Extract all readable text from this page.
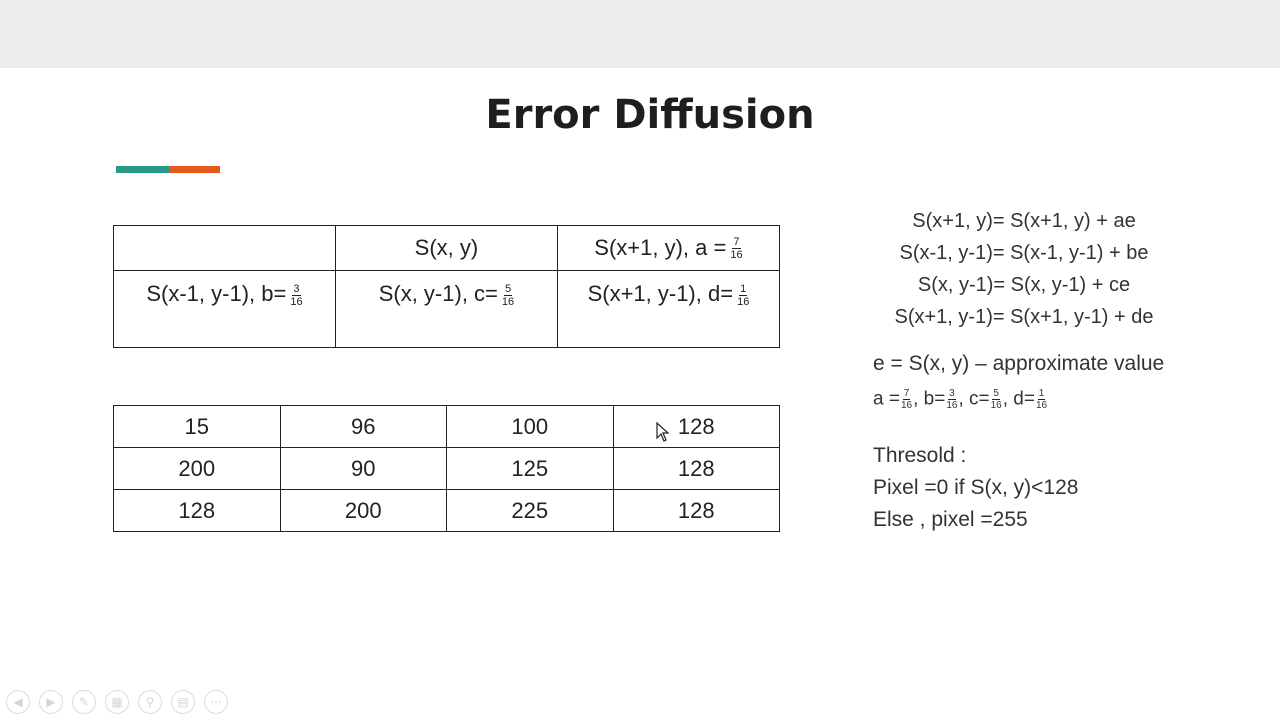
Error Diffusion
	S(x, y)	S(x+1, y), $a = \frac{7}{16}$

S(x-1, y-1), $b= \frac{3}{16}$	S(x, y-1), $c= \frac{5}{16}$	S(x+1, y-1), $d= \frac{1}{16}$
15	96	100	128
200	90	125	128
128	200	225	128
S(x+1, y)= S(x+1, y) + ae
S(x-1, y-1)= S(x-1, y-1) + be
S(x, y-1)= S(x, y-1) + ce
S(x+1, y-1)= S(x+1, y-1) + de
e = S(x, y) – approximate value
$a = \frac{7}{16}$ , $b= \frac{3}{16}$ , $c= \frac{5}{16}$ , $d= \frac{1}{16}$
Thresold :
Pixel =0 if S(x, y)<128
Else , pixel =255
◀	▶	✎	▦	⚲	▤	⋯
